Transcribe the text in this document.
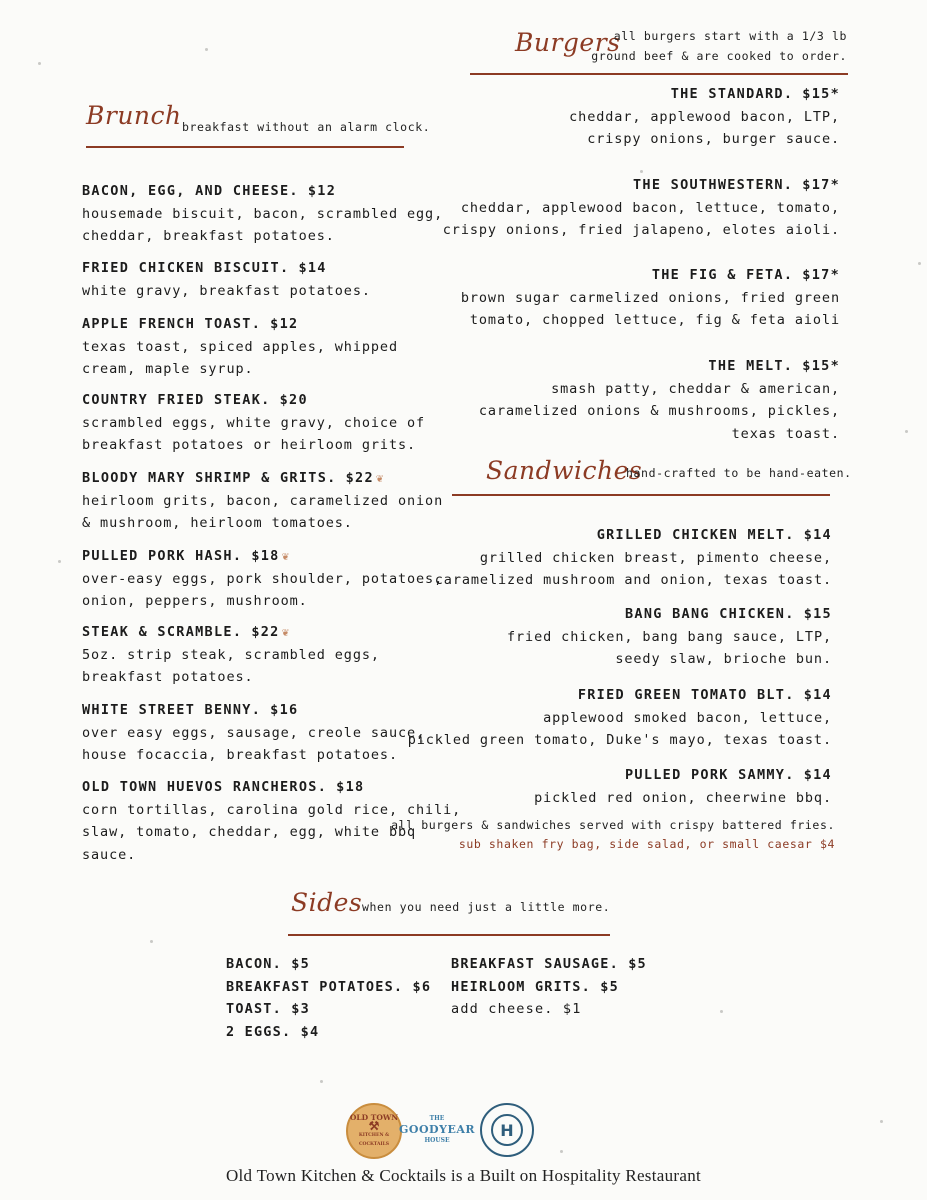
Burgers
all burgers start with a 1/3 lb
ground beef & are cooked to order.
Brunch breakfast without an alarm clock.
BACON, EGG, AND CHEESE. $12
housemade biscuit, bacon, scrambled egg,
cheddar, breakfast potatoes.
FRIED CHICKEN BISCUIT. $14
white gravy, breakfast potatoes.
APPLE FRENCH TOAST. $12
texas toast, spiced apples, whipped
cream, maple syrup.
COUNTRY FRIED STEAK. $20
scrambled eggs, white gravy, choice of
breakfast potatoes or heirloom grits.
BLOODY MARY SHRIMP & GRITS. $22 ❦
heirloom grits, bacon, caramelized onion
& mushroom, heirloom tomatoes.
PULLED PORK HASH. $18 ❦
over-easy eggs, pork shoulder, potatoes,
onion, peppers, mushroom.
STEAK & SCRAMBLE. $22 ❦
5oz. strip steak, scrambled eggs,
breakfast potatoes.
WHITE STREET BENNY. $16
over easy eggs, sausage, creole sauce,
house focaccia, breakfast potatoes.
OLD TOWN HUEVOS RANCHEROS. $18
corn tortillas, carolina gold rice, chili,
slaw, tomato, cheddar, egg, white bbq
sauce.
THE STANDARD. $15*
cheddar, applewood bacon, LTP,
crispy onions, burger sauce.
THE SOUTHWESTERN. $17*
cheddar, applewood bacon, lettuce, tomato,
crispy onions, fried jalapeno, elotes aioli.
THE FIG & FETA. $17*
brown sugar carmelized onions, fried green
tomato, chopped lettuce, fig & feta aioli
THE MELT. $15*
smash patty, cheddar & american,
caramelized onions & mushrooms, pickles,
texas toast.
Sandwiches
hand-crafted to be hand-eaten.
GRILLED CHICKEN MELT. $14
grilled chicken breast, pimento cheese,
caramelized mushroom and onion, texas toast.
BANG BANG CHICKEN. $15
fried chicken, bang bang sauce, LTP,
seedy slaw, brioche bun.
FRIED GREEN TOMATO BLT. $14
applewood smoked bacon, lettuce,
pickled green tomato, Duke's mayo, texas toast.
PULLED PORK SAMMY. $14
pickled red onion, cheerwine bbq.
all burgers & sandwiches served with crispy battered fries.
sub shaken fry bag, side salad, or small caesar $4
Sides when you need just a little more.
BACON. $5
BREAKFAST POTATOES. $6
TOAST. $3
2 EGGS. $4
BREAKFAST SAUSAGE. $5
HEIRLOOM GRITS. $5
add cheese. $1
OLD TOWN
⚒
KITCHEN & COCKTAILS
THE
GOODYEAR
HOUSE
H
Old Town Kitchen & Cocktails is a Built on Hospitality Restaurant
